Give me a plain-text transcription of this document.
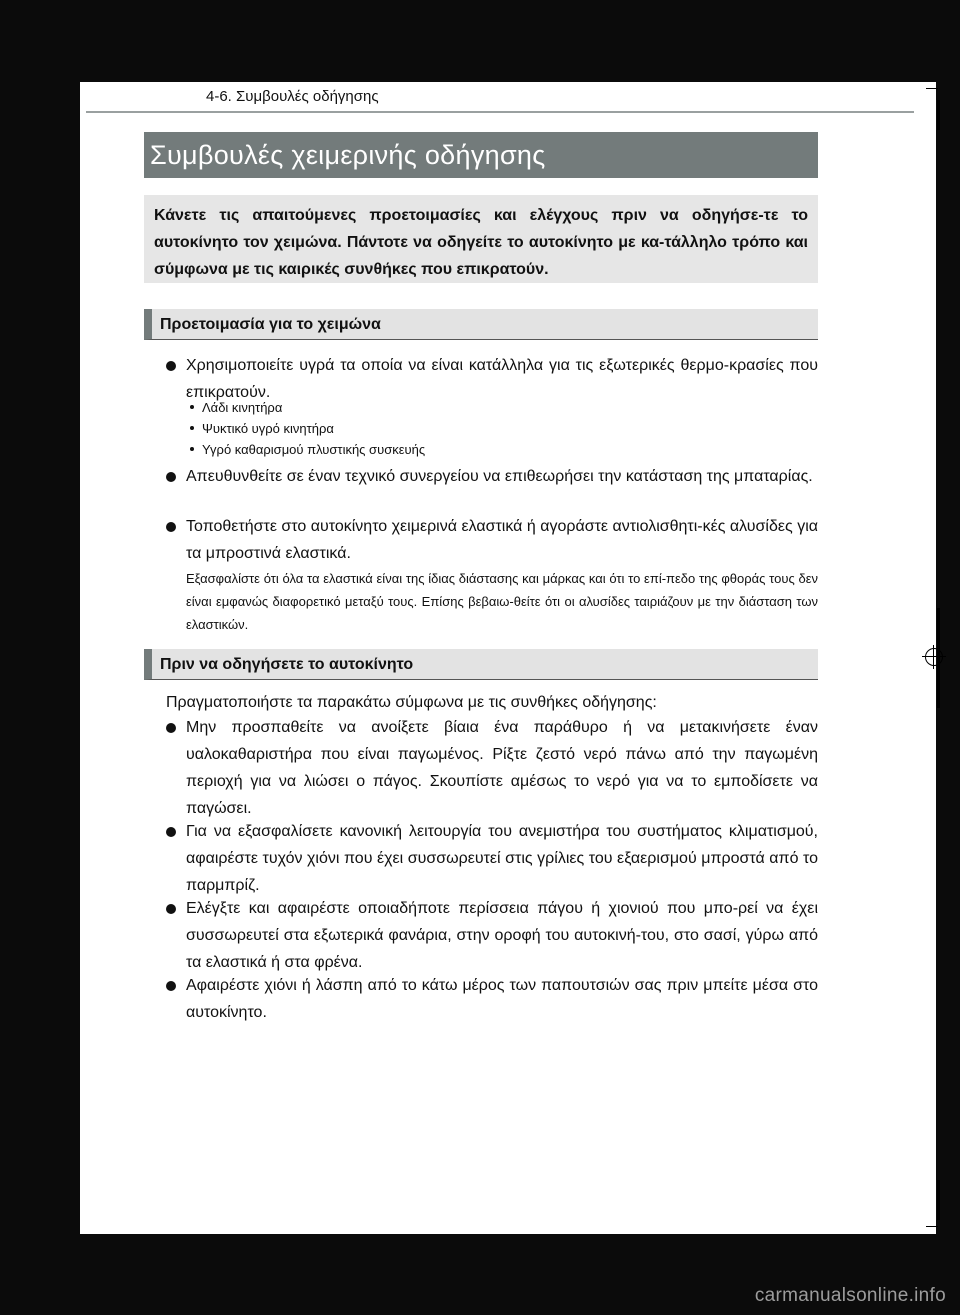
4-6. Συμβουλές οδήγησης
Συμβουλές χειμερινής οδήγησης
Κάνετε τις απαιτούμενες προετοιμασίες και ελέγχους πριν να οδηγήσε-τε το αυτοκίνητο τον χειμώνα. Πάντοτε να οδηγείτε το αυτοκίνητο με κα-τάλληλο τρόπο και σύμφωνα με τις καιρικές συνθήκες που επικρατούν.
Προετοιμασία για το χειμώνα
Χρησιμοποιείτε υγρά τα οποία να είναι κατάλληλα για τις εξωτερικές θερμο-κρασίες που επικρατούν.
Λάδι κινητήρα
Ψυκτικό υγρό κινητήρα
Υγρό καθαρισμού πλυστικής συσκευής
Απευθυνθείτε σε έναν τεχνικό συνεργείου να επιθεωρήσει την κατάσταση της μπαταρίας.
Τοποθετήστε στο αυτοκίνητο χειμερινά ελαστικά ή αγοράστε αντιολισθητι-κές αλυσίδες για τα μπροστινά ελαστικά.
Εξασφαλίστε ότι όλα τα ελαστικά είναι της ίδιας διάστασης και μάρκας και ότι το επί-πεδο της φθοράς τους δεν είναι εμφανώς διαφορετικό μεταξύ τους. Επίσης βεβαιω-θείτε ότι οι αλυσίδες ταιριάζουν με την διάσταση των ελαστικών.
Πριν να οδηγήσετε το αυτοκίνητο
Πραγματοποιήστε τα παρακάτω σύμφωνα με τις συνθήκες οδήγησης:
Μην προσπαθείτε να ανοίξετε βίαια ένα παράθυρο ή να μετακινήσετε έναν υαλοκαθαριστήρα που είναι παγωμένος. Ρίξτε ζεστό νερό πάνω από την παγωμένη περιοχή για να λιώσει ο πάγος. Σκουπίστε αμέσως το νερό για να το εμποδίσετε να παγώσει.
Για να εξασφαλίσετε κανονική λειτουργία του ανεμιστήρα του συστήματος κλιματισμού, αφαιρέστε τυχόν χιόνι που έχει συσσωρευτεί στις γρίλιες του εξαερισμού μπροστά από το παρμπρίζ.
Ελέγξτε και αφαιρέστε οποιαδήποτε περίσσεια πάγου ή χιονιού που μπο-ρεί να έχει συσσωρευτεί στα εξωτερικά φανάρια, στην οροφή του αυτοκινή-του, στο σασί, γύρω από τα ελαστικά ή στα φρένα.
Αφαιρέστε χιόνι ή λάσπη από το κάτω μέρος των παπουτσιών σας πριν μπείτε μέσα στο αυτοκίνητο.
carmanualsonline.info
